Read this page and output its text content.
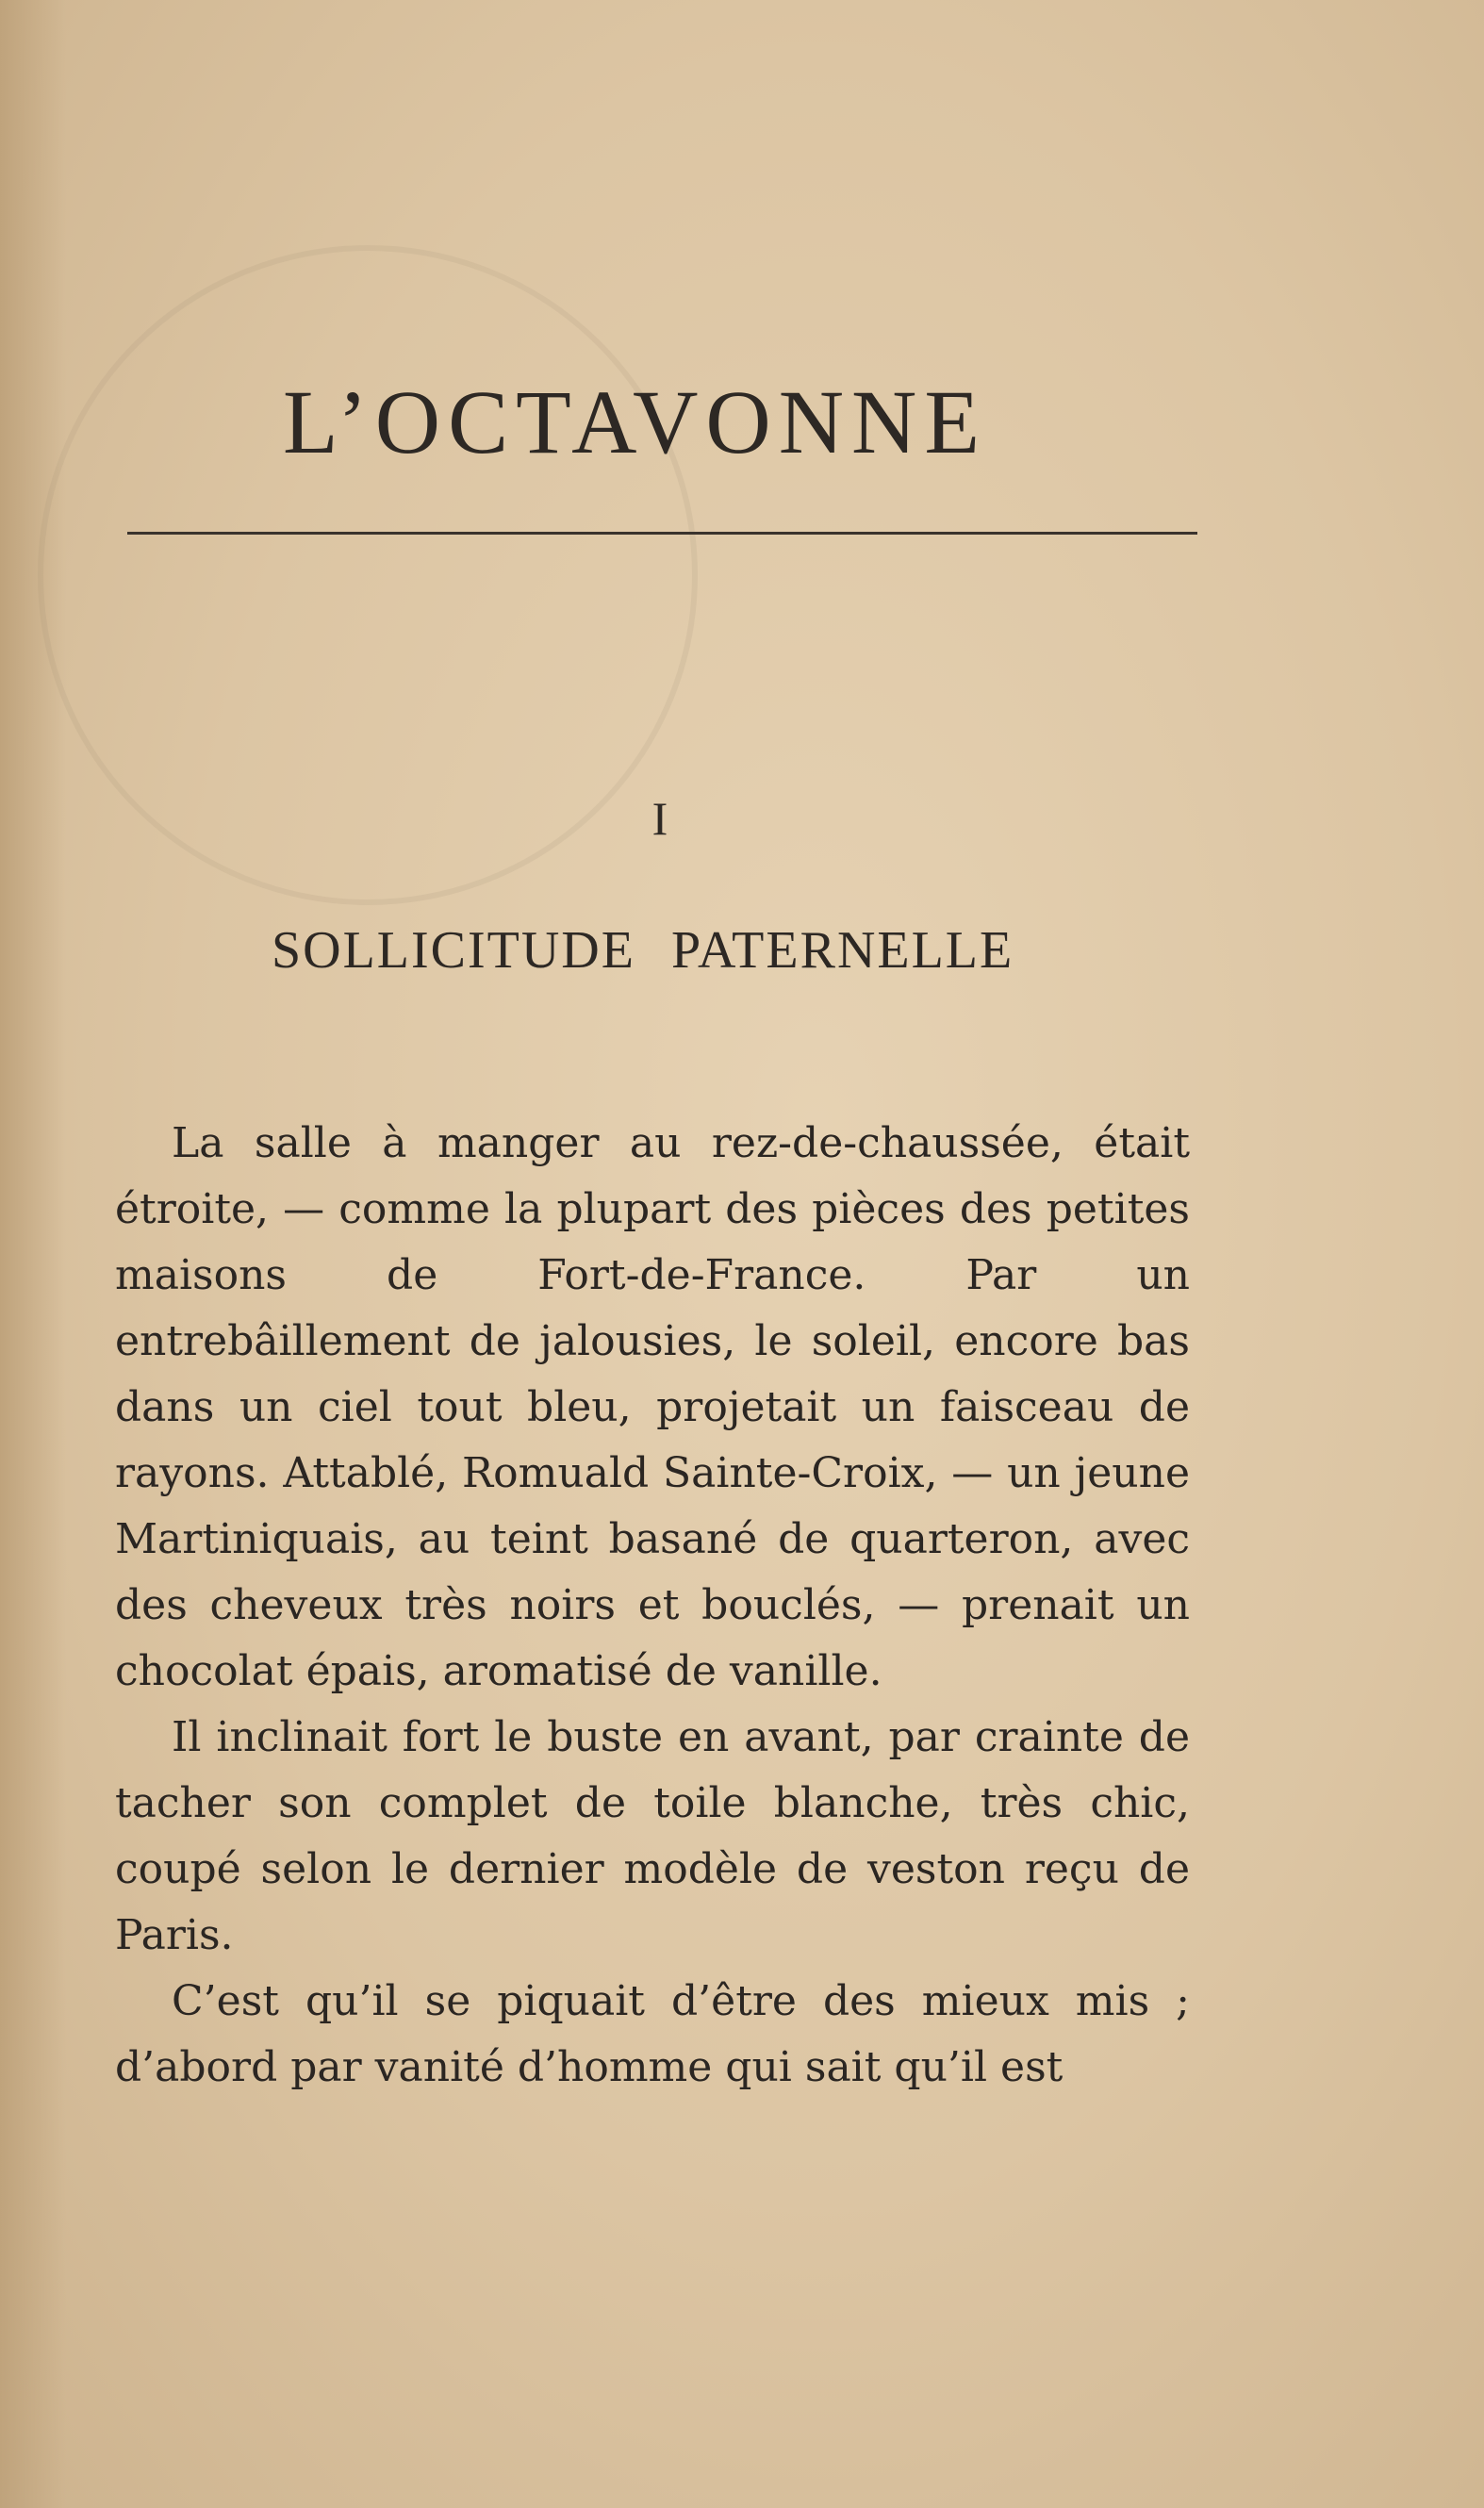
L’OCTAVONNE
I
SOLLICITUDE PATERNELLE

La salle à manger au rez-de-chaussée, était étroite, — comme la plupart des pièces des petites maisons de Fort-de-France. Par un entrebâillement de jalousies, le soleil, encore bas dans un ciel tout bleu, projetait un faisceau de rayons. Attablé, Romuald Sainte-Croix, — un jeune Martiniquais, au teint basané de quarteron, avec des cheveux très noirs et bouclés, — prenait un chocolat épais, aromatisé de vanille.

Il inclinait fort le buste en avant, par crainte de tacher son complet de toile blanche, très chic, coupé selon le dernier modèle de veston reçu de Paris.

C’est qu’il se piquait d’être des mieux mis ; d’abord par vanité d’homme qui sait qu’il est
